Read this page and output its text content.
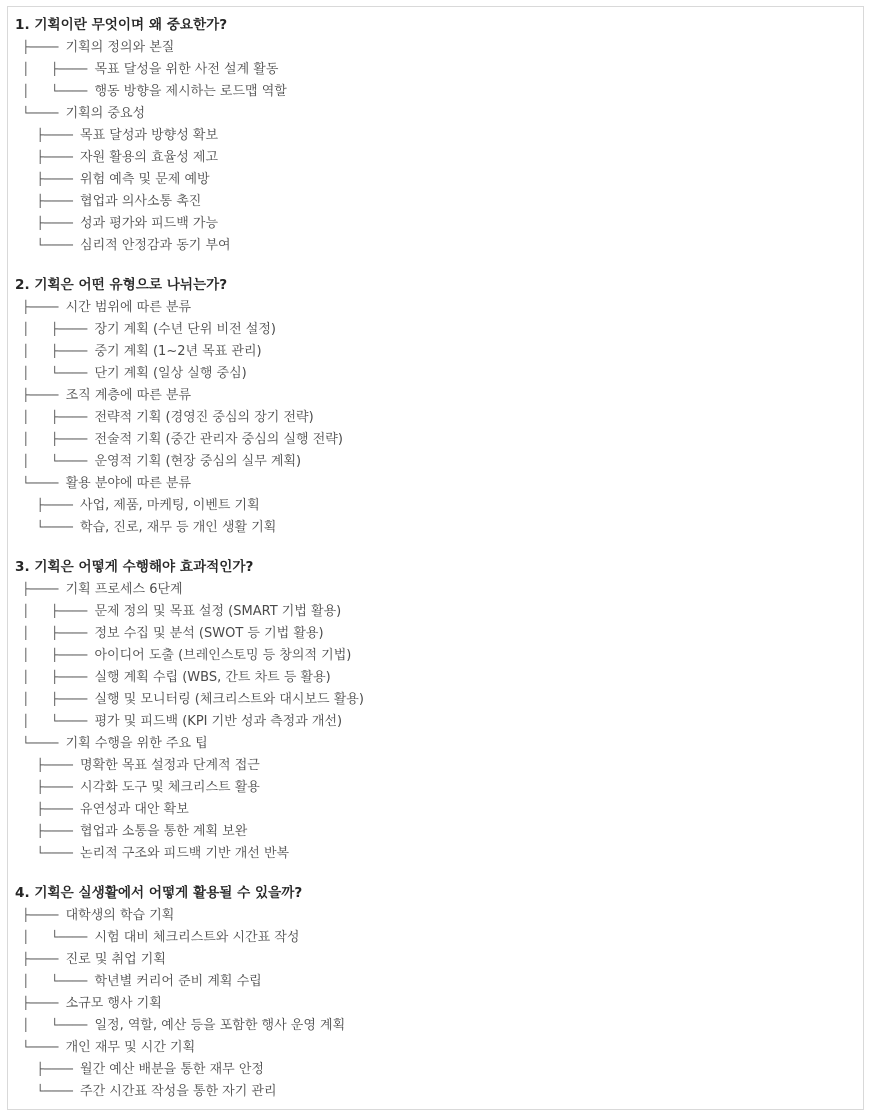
1. 기획이란 무엇이며 왜 중요한가?
├──── 기획의 정의와 본질
│   ├──── 목표 달성을 위한 사전 설계 활동
│   └──── 행동 방향을 제시하는 로드맵 역할
└──── 기획의 중요성
├──── 목표 달성과 방향성 확보
├──── 자원 활용의 효율성 제고
├──── 위험 예측 및 문제 예방
├──── 협업과 의사소통 촉진
├──── 성과 평가와 피드백 가능
└──── 심리적 안정감과 동기 부여
2. 기획은 어떤 유형으로 나뉘는가?
├──── 시간 범위에 따른 분류
│   ├──── 장기 계획 (수년 단위 비전 설정)
│   ├──── 중기 계획 (1~2년 목표 관리)
│   └──── 단기 계획 (일상 실행 중심)
├──── 조직 계층에 따른 분류
│   ├──── 전략적 기획 (경영진 중심의 장기 전략)
│   ├──── 전술적 기획 (중간 관리자 중심의 실행 전략)
│   └──── 운영적 기획 (현장 중심의 실무 계획)
└──── 활용 분야에 따른 분류
├──── 사업, 제품, 마케팅, 이벤트 기획
└──── 학습, 진로, 재무 등 개인 생활 기획
3. 기획은 어떻게 수행해야 효과적인가?
├──── 기획 프로세스 6단계
│   ├──── 문제 정의 및 목표 설정 (SMART 기법 활용)
│   ├──── 정보 수집 및 분석 (SWOT 등 기법 활용)
│   ├──── 아이디어 도출 (브레인스토밍 등 창의적 기법)
│   ├──── 실행 계획 수립 (WBS, 간트 차트 등 활용)
│   ├──── 실행 및 모니터링 (체크리스트와 대시보드 활용)
│   └──── 평가 및 피드백 (KPI 기반 성과 측정과 개선)
└──── 기획 수행을 위한 주요 팁
├──── 명확한 목표 설정과 단계적 접근
├──── 시각화 도구 및 체크리스트 활용
├──── 유연성과 대안 확보
├──── 협업과 소통을 통한 계획 보완
└──── 논리적 구조와 피드백 기반 개선 반복
4. 기획은 실생활에서 어떻게 활용될 수 있을까?
├──── 대학생의 학습 기획
│   └──── 시험 대비 체크리스트와 시간표 작성
├──── 진로 및 취업 기획
│   └──── 학년별 커리어 준비 계획 수립
├──── 소규모 행사 기획
│   └──── 일정, 역할, 예산 등을 포함한 행사 운영 계획
└──── 개인 재무 및 시간 기획
├──── 월간 예산 배분을 통한 재무 안정
└──── 주간 시간표 작성을 통한 자기 관리
